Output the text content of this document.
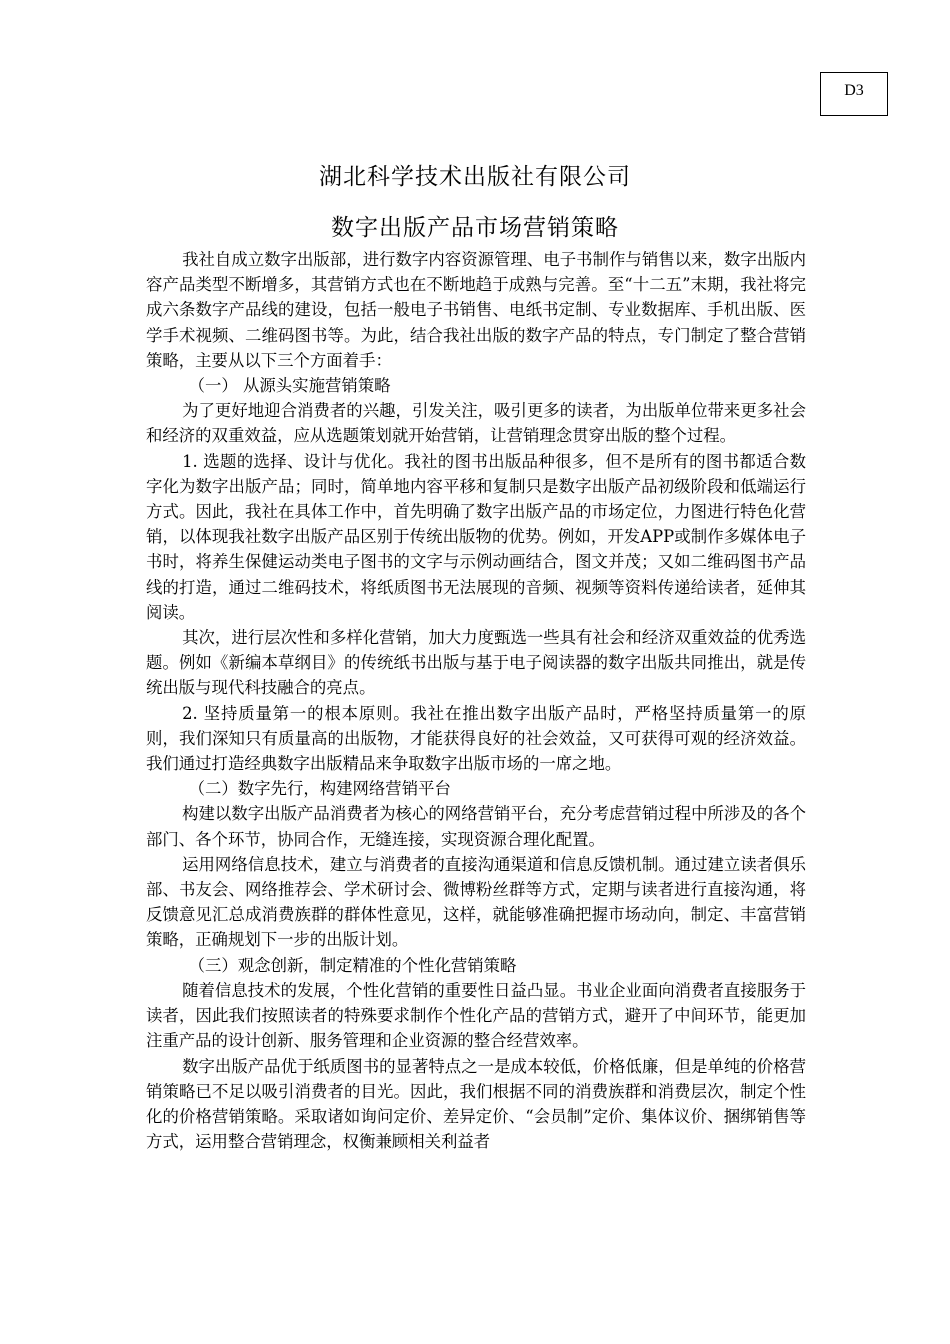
D3
湖北科学技术出版社有限公司
数字出版产品市场营销策略

我社自成立数字出版部，进行数字内容资源管理、电子书制作与销售以来，数字出版内容产品类型不断增多，其营销方式也在不断地趋于成熟与完善。至“十二五”末期，我社将完成六条数字产品线的建设，包括一般电子书销售、电纸书定制、专业数据库、手机出版、医学手术视频、二维码图书等。为此，结合我社出版的数字产品的特点，专门制定了整合营销策略，主要从以下三个方面着手：

（一） 从源头实施营销策略

为了更好地迎合消费者的兴趣，引发关注，吸引更多的读者，为出版单位带来更多社会和经济的双重效益，应从选题策划就开始营销，让营销理念贯穿出版的整个过程。

1. 选题的选择、设计与优化。我社的图书出版品种很多，但不是所有的图书都适合数字化为数字出版产品；同时，简单地内容平移和复制只是数字出版产品初级阶段和低端运行方式。因此，我社在具体工作中，首先明确了数字出版产品的市场定位，力图进行特色化营销，以体现我社数字出版产品区别于传统出版物的优势。例如，开发APP或制作多媒体电子书时，将养生保健运动类电子图书的文字与示例动画结合，图文并茂；又如二维码图书产品线的打造，通过二维码技术，将纸质图书无法展现的音频、视频等资料传递给读者，延伸其阅读。

其次，进行层次性和多样化营销，加大力度甄选一些具有社会和经济双重效益的优秀选题。例如《新编本草纲目》的传统纸书出版与基于电子阅读器的数字出版共同推出，就是传统出版与现代科技融合的亮点。

2. 坚持质量第一的根本原则。我社在推出数字出版产品时，严格坚持质量第一的原则，我们深知只有质量高的出版物，才能获得良好的社会效益，又可获得可观的经济效益。我们通过打造经典数字出版精品来争取数字出版市场的一席之地。

（二）数字先行，构建网络营销平台

构建以数字出版产品消费者为核心的网络营销平台，充分考虑营销过程中所涉及的各个部门、各个环节，协同合作，无缝连接，实现资源合理化配置。

运用网络信息技术，建立与消费者的直接沟通渠道和信息反馈机制。通过建立读者俱乐部、书友会、网络推荐会、学术研讨会、微博粉丝群等方式，定期与读者进行直接沟通，将反馈意见汇总成消费族群的群体性意见，这样，就能够准确把握市场动向，制定、丰富营销策略，正确规划下一步的出版计划。

（三）观念创新，制定精准的个性化营销策略

随着信息技术的发展，个性化营销的重要性日益凸显。书业企业面向消费者直接服务于读者，因此我们按照读者的特殊要求制作个性化产品的营销方式，避开了中间环节，能更加注重产品的设计创新、服务管理和企业资源的整合经营效率。

数字出版产品优于纸质图书的显著特点之一是成本较低，价格低廉，但是单纯的价格营销策略已不足以吸引消费者的目光。因此，我们根据不同的消费族群和消费层次，制定个性化的价格营销策略。采取诸如询问定价、差异定价、“会员制”定价、集体议价、捆绑销售等方式，运用整合营销理念，权衡兼顾相关利益者
